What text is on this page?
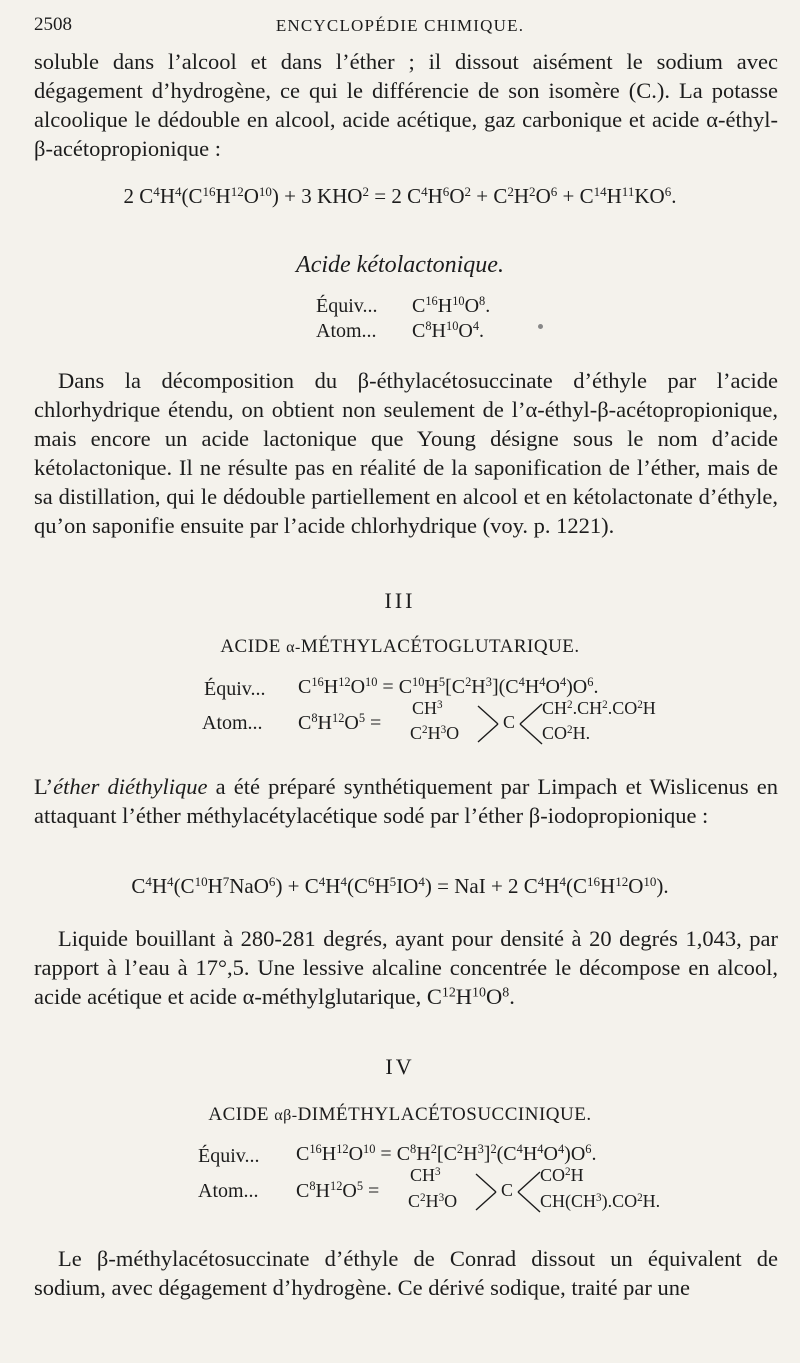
2508	ENCYCLOPÉDIE CHIMIQUE.

soluble dans l’alcool et dans l’éther ; il dissout aisément le sodium avec dégagement d’hydrogène, ce qui le différencie de son isomère (C.). La potasse alcoolique le dédouble en alcool, acide acétique, gaz carbonique et acide α-éthyl-β-acétopropionique :

2 $C^4H^4(C^{16}H^{12}O^{10}) + 3$ $KHO^2 = 2$ $C^4H^6O^2 + C^2H^2O^6 + C^{14}H^{11}KO^6$.
Acide kétolactonique.
Équiv... $C^{16}H^{10}O^8$.
Atom... $C^8H^{10}O^4$.

Dans la décomposition du β-éthylacétosuccinate d’éthyle par l’acide chlorhydrique étendu, on obtient non seulement de l’α-éthyl-β-acétopropionique, mais encore un acide lactonique que Young désigne sous le nom d’acide kétolactonique. Il ne résulte pas en réalité de la saponification de l’éther, mais de sa distillation, qui le dédouble partiellement en alcool et en kétolactonate d’éthyle, qu’on saponifie ensuite par l’acide chlorhydrique (voy. p. 1221).

III
ACIDE α-MÉTHYLACÉTOGLUTARIQUE.
Équiv... $C^{16}H^{12}O^{10} = C^{10}H^5[C^2H^3](C^4H^4O^4)O^6$.
Atom... $C^8H^{12}O^5$ =
$CH^3$
$C^2H^3O$
C
$CH^2.CH^2.CO^2H$
$CO^2H$.

L’éther diéthylique a été préparé synthétiquement par Limpach et Wislicenus en attaquant l’éther méthylacétylacétique sodé par l’éther β-iodopropionique :

$C^4H^4(C^{10}H^7NaO^6) + C^4H^4(C^6H^5IO^4)$ = NaI + 2 $C^4H^4(C^{16}H^{12}O^{10})$.

Liquide bouillant à 280-281 degrés, ayant pour densité à 20 degrés 1,043, par rapport à l’eau à 17°,5. Une lessive alcaline concentrée le décompose en alcool, acide acétique et acide α-méthylglutarique, $C^{12}H^{10}O^8$.

IV
ACIDE αβ-DIMÉTHYLACÉTOSUCCINIQUE.
Équiv... $C^{16}H^{12}O^{10} = C^8H^2[C^2H^3]^2(C^4H^4O^4)O^6$.
Atom... $C^8H^{12}O^5$ =
$CH^3$
$C^2H^3O$
C
$CO^2H$
$CH(CH^3).CO^2H$.

Le β-méthylacétosuccinate d’éthyle de Conrad dissout un équivalent de sodium, avec dégagement d’hydrogène. Ce dérivé sodique, traité par une
